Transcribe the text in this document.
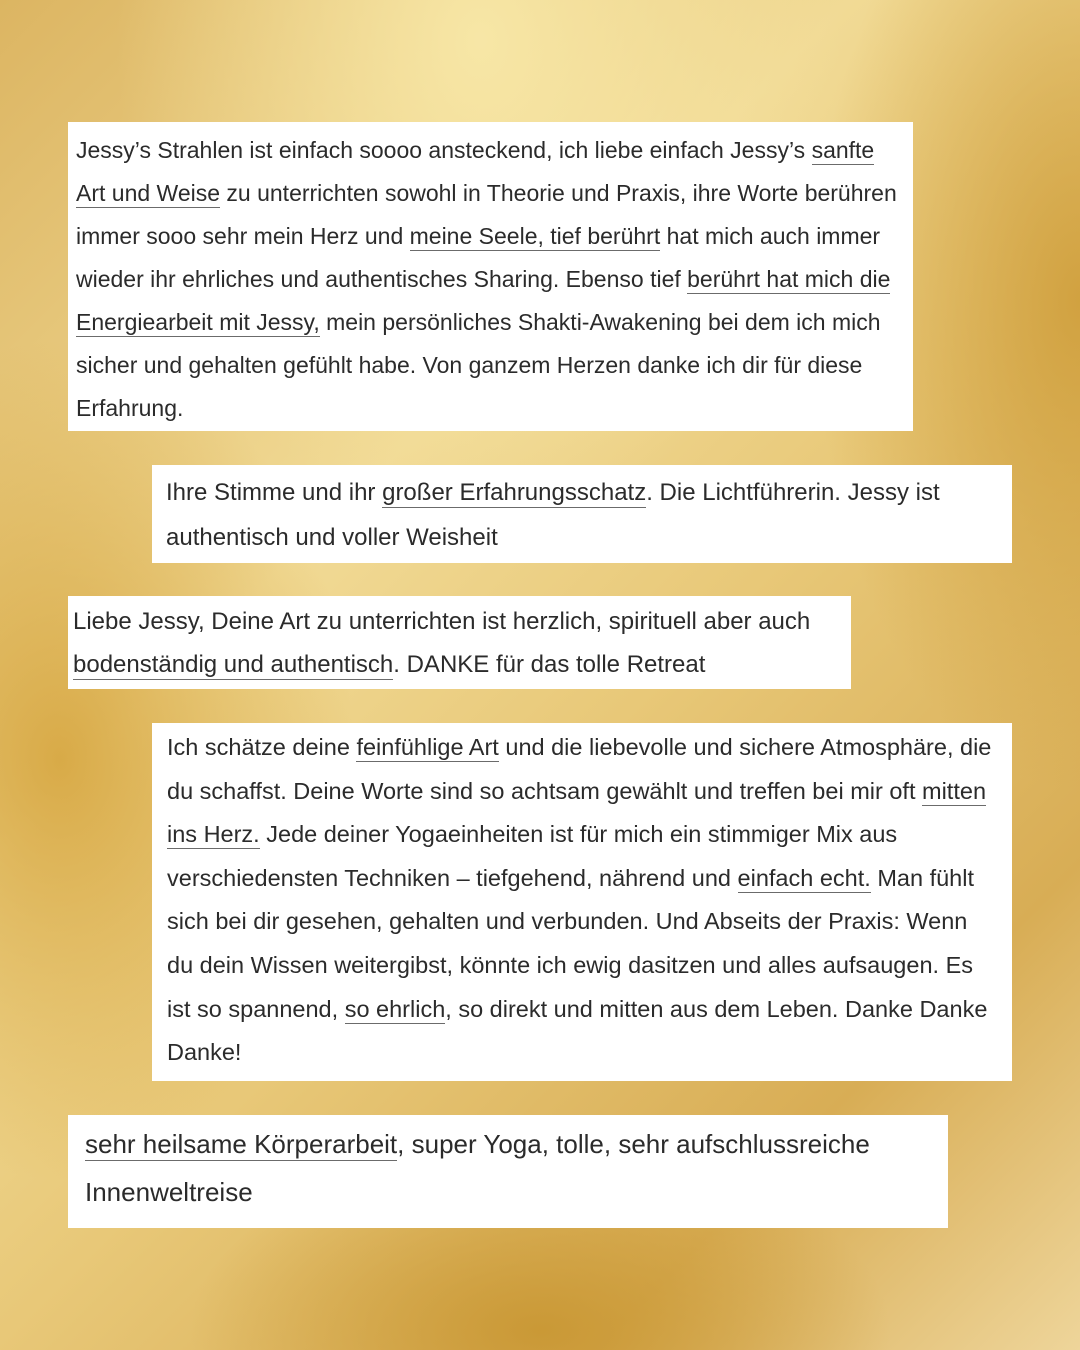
Jessy’s Strahlen ist einfach soooo ansteckend, ich liebe einfach Jessy’s sanfte Art und Weise zu unterrichten sowohl in Theorie und Praxis, ihre Worte berühren immer sooo sehr mein Herz und meine Seele, tief berührt hat mich auch immer wieder ihr ehrliches und authentisches Sharing. Ebenso tief berührt hat mich die Energiearbeit mit Jessy, mein persönliches Shakti-Awakening bei dem ich mich sicher und gehalten gefühlt habe. Von ganzem Herzen danke ich dir für diese Erfahrung.

Ihre Stimme und ihr großer Erfahrungsschatz. Die Lichtführerin. Jessy ist authentisch und voller Weisheit

Liebe Jessy, Deine Art zu unterrichten ist herzlich, spirituell aber auch bodenständig und authentisch. DANKE für das tolle Retreat

Ich schätze deine feinfühlige Art und die liebevolle und sichere Atmosphäre, die du schaffst. Deine Worte sind so achtsam gewählt und treffen bei mir oft mitten ins Herz. Jede deiner Yogaeinheiten ist für mich ein stimmiger Mix aus verschiedensten Techniken – tiefgehend, nährend und einfach echt. Man fühlt sich bei dir gesehen, gehalten und verbunden. Und Abseits der Praxis: Wenn du dein Wissen weitergibst, könnte ich ewig dasitzen und alles aufsaugen. Es ist so spannend, so ehrlich, so direkt und mitten aus dem Leben. Danke Danke Danke!

sehr heilsame Körperarbeit, super Yoga, tolle, sehr aufschlussreiche Innenweltreise
